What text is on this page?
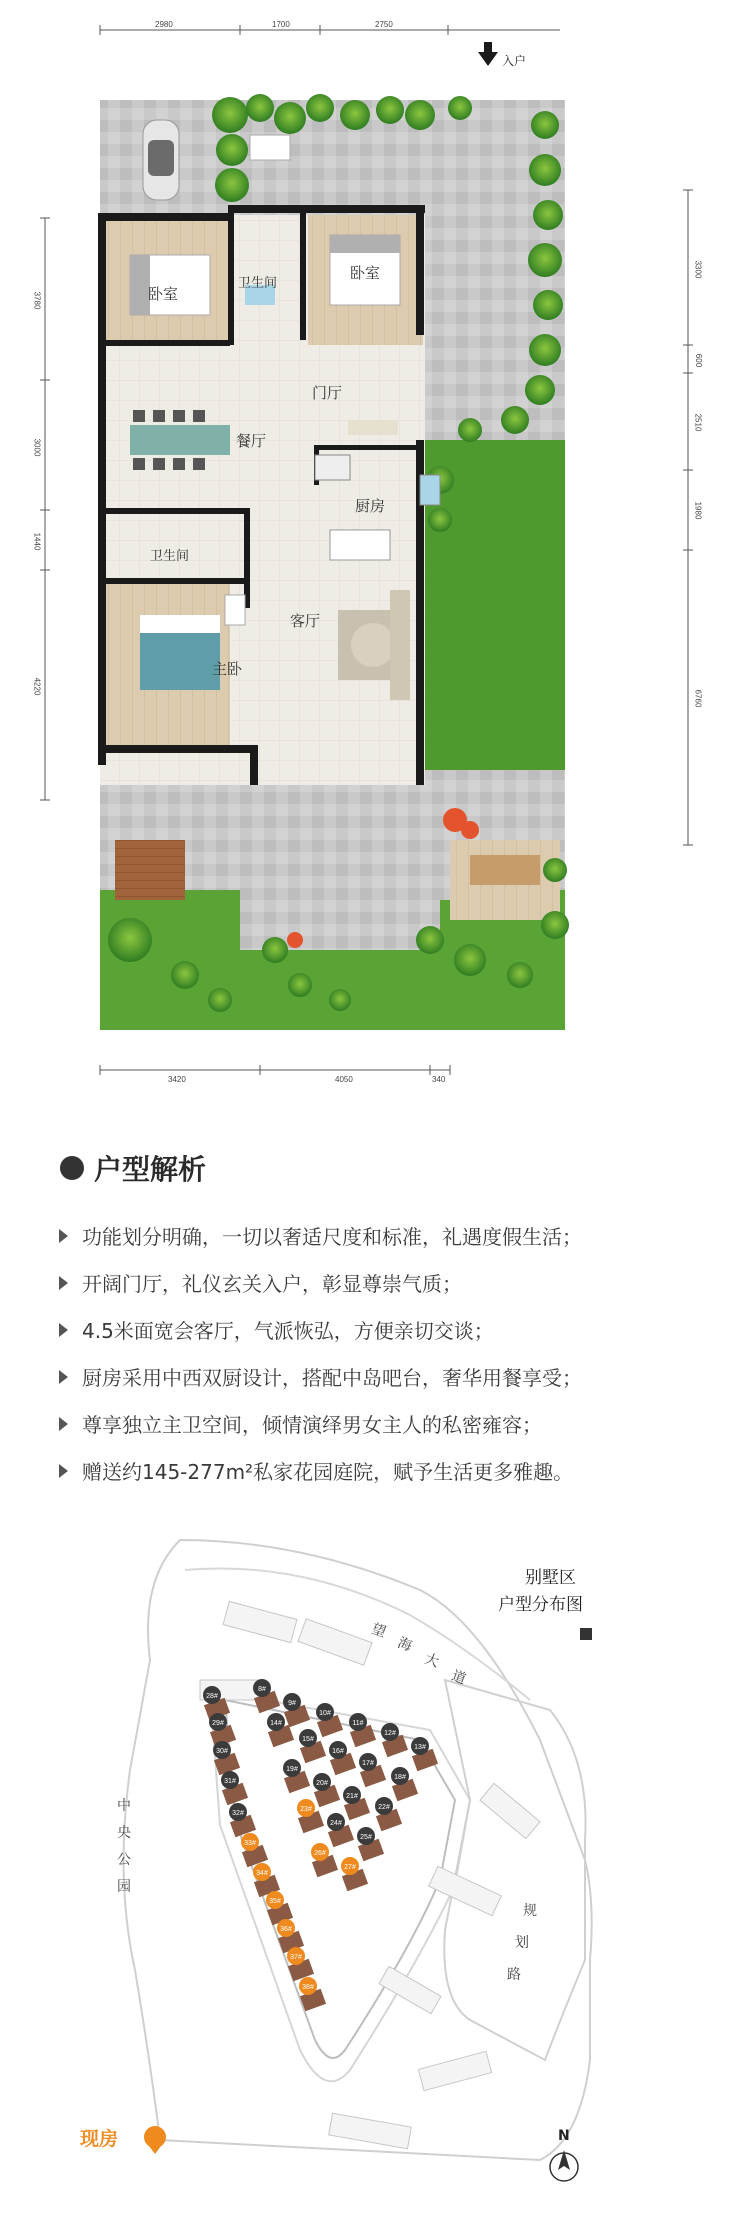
2980	1700	2750
3420	4050	340
3780
3000
1440
4220
3300
600
2510
1980
6760
入户
卧室
卫生间
卧室
门厅
餐厅
厨房
卫生间
客厅
主卧
户型解析
功能划分明确，一切以奢适尺度和标准，礼遇度假生活；
开阔门厅，礼仪玄关入户，彰显尊崇气质；
4.5米面宽会客厅，气派恢弘，方便亲切交谈；
厨房采用中西双厨设计，搭配中岛吧台，奢华用餐享受；
尊享独立主卫空间，倾情演绎男女主人的私密雍容；
赠送约145-277m²私家花园庭院，赋予生活更多雅趣。
8#
9#
10#
11#
12#
13#
14#
15#
16#
17#
18#
19#
20#
21#
22#
24#
25#
28#
29#
30#
31#
32#
23#
26#
27#
33#
34#
35#
36#
37#
38#
别墅区
户型分布图
望
海
大
道
中
央
公
园
规
划
路
N
现房
